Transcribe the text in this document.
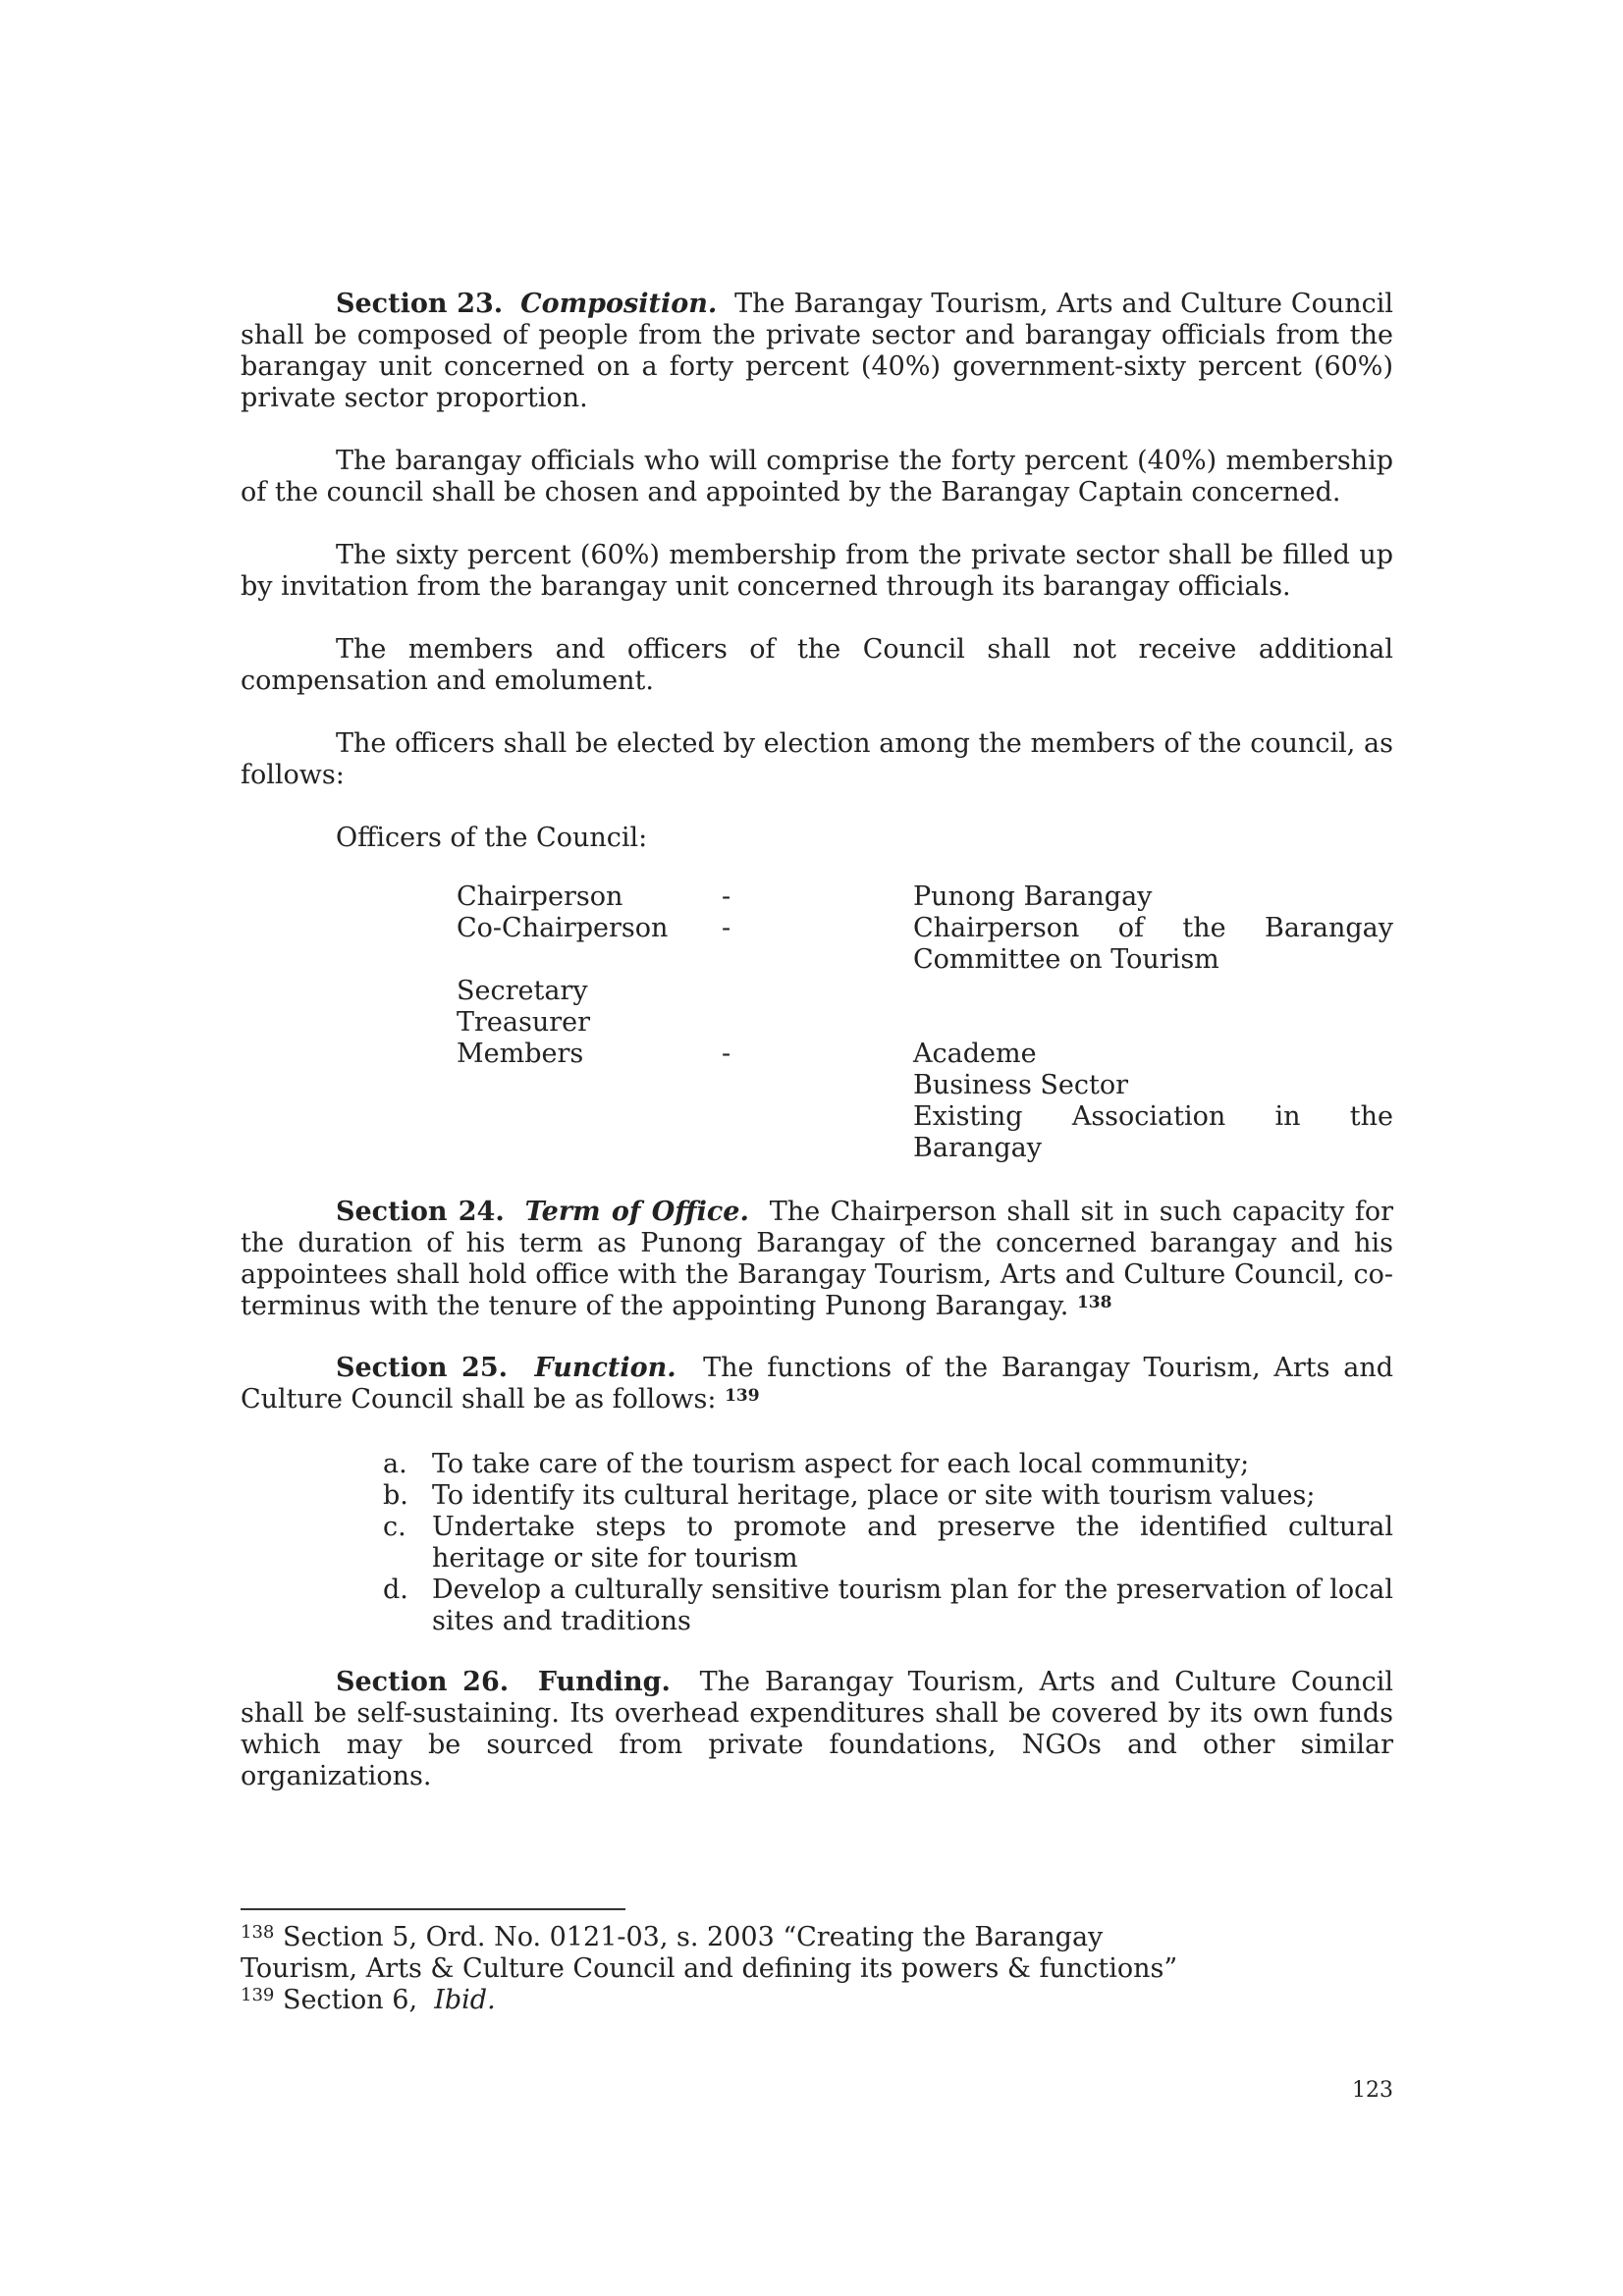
Section 23. Composition. The Barangay Tourism, Arts and Culture Council shall be composed of people from the private sector and barangay officials from the barangay unit concerned on a forty percent (40%) government-sixty percent (60%) private sector proportion.

The barangay officials who will comprise the forty percent (40%) membership of the council shall be chosen and appointed by the Barangay Captain concerned.

The sixty percent (60%) membership from the private sector shall be filled up by invitation from the barangay unit concerned through its barangay officials.

The members and officers of the Council shall not receive additional compensation and emolument.

The officers shall be elected by election among the members of the council, as follows:

Officers of the Council:

Chairperson	-	Punong Barangay
Co-Chairperson	-	Chairperson of the Barangay
Committee on Tourism
Secretary
Treasurer
Members	-	Academe
Business Sector
Existing Association in the
Barangay

Section 24. Term of Office. The Chairperson shall sit in such capacity for the duration of his term as Punong Barangay of the concerned barangay and his appointees shall hold office with the Barangay Tourism, Arts and Culture Council, co-terminus with the tenure of the appointing Punong Barangay. $^{138}$

Section 25. Function. The functions of the Barangay Tourism, Arts and Culture Council shall be as follows: $^{139}$

a. To take care of the tourism aspect for each local community;
b. To identify its cultural heritage, place or site with tourism values;
c. Undertake steps to promote and preserve the identified cultural heritage or site for tourism
d. Develop a culturally sensitive tourism plan for the preservation of local sites and traditions

Section 26. Funding. The Barangay Tourism, Arts and Culture Council shall be self-sustaining. Its overhead expenditures shall be covered by its own funds which may be sourced from private foundations, NGOs and other similar organizations.

$^{138}$ Section 5, Ord. No. 0121-03, s. 2003 “Creating the Barangay Tourism, Arts & Culture Council and defining its powers & functions”
$^{139}$ Section 6, Ibid.
123
